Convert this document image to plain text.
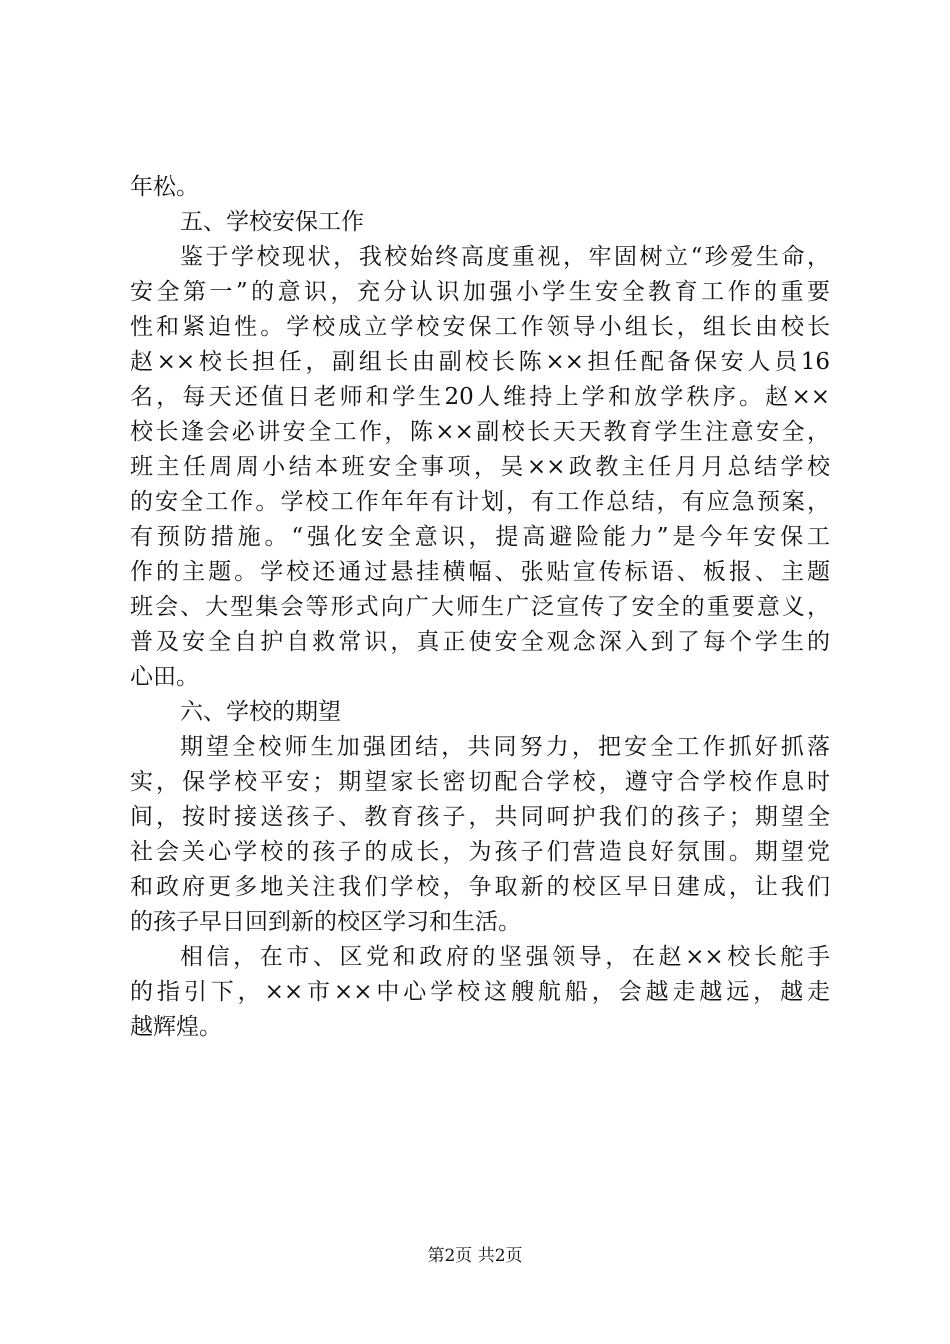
年松。
五、学校安保工作
鉴于学校现状，我校始终高度重视，牢固树立“珍爱生命，
安全第一”的意识，充分认识加强小学生安全教育工作的重要
性和紧迫性。学校成立学校安保工作领导小组长，组长由校长
赵××校长担任，副组长由副校长陈××担任配备保安人员16
名，每天还值日老师和学生20人维持上学和放学秩序。赵××
校长逢会必讲安全工作，陈××副校长天天教育学生注意安全，
班主任周周小结本班安全事项，吴××政教主任月月总结学校
的安全工作。学校工作年年有计划，有工作总结，有应急预案，
有预防措施。“强化安全意识，提高避险能力”是今年安保工
作的主题。学校还通过悬挂横幅、张贴宣传标语、板报、主题
班会、大型集会等形式向广大师生广泛宣传了安全的重要意义，
普及安全自护自救常识，真正使安全观念深入到了每个学生的
心田。
六、学校的期望
期望全校师生加强团结，共同努力，把安全工作抓好抓落
实，保学校平安；期望家长密切配合学校，遵守合学校作息时
间，按时接送孩子、教育孩子，共同呵护我们的孩子；期望全
社会关心学校的孩子的成长，为孩子们营造良好氛围。期望党
和政府更多地关注我们学校，争取新的校区早日建成，让我们
的孩子早日回到新的校区学习和生活。
相信，在市、区党和政府的坚强领导，在赵××校长舵手
的指引下，××市××中心学校这艘航船，会越走越远，越走
越辉煌。
第2页 共2页
